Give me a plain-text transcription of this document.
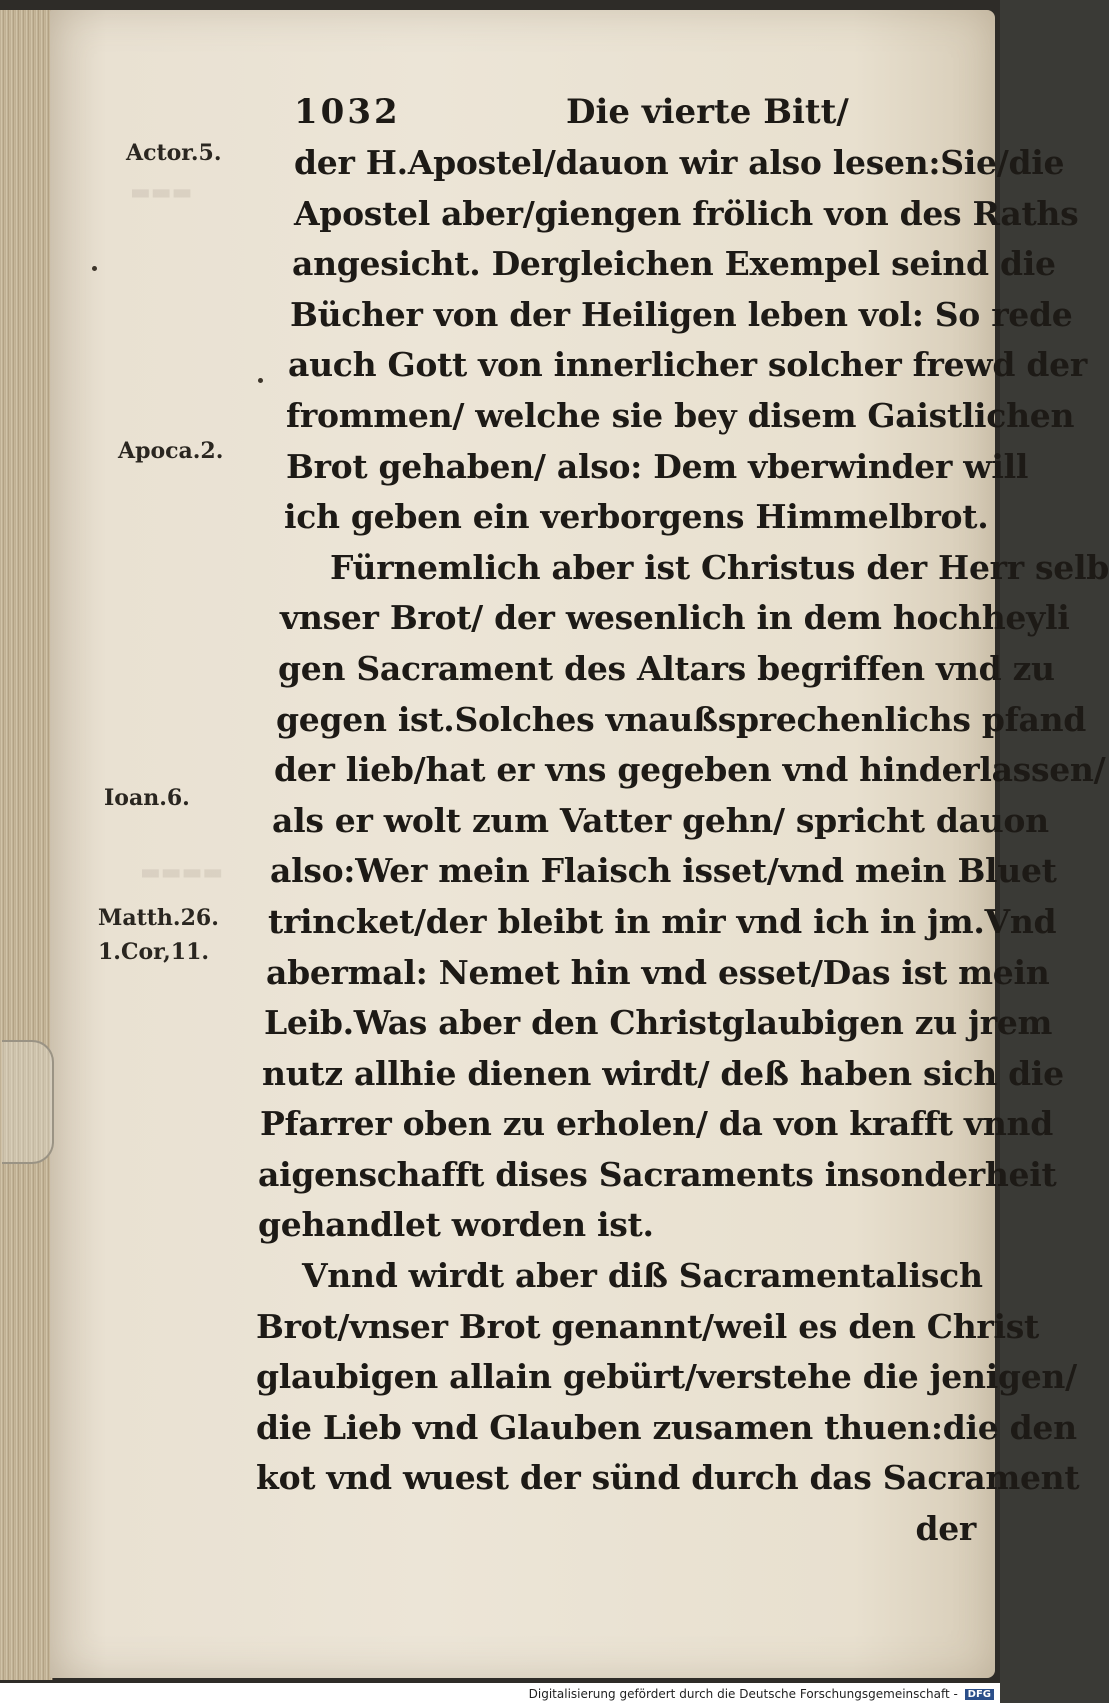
▬▬▬
▬▬▬▬
Actor.5.
Apoca.2.
Ioan.6.
Matth.26.
1.Cor,11.
1032	Die vierte Bitt/
der H.Apostel/dauon wir also lesen:Sie/die
Apostel aber/giengen frölich von des Raths
angesicht. Dergleichen Exempel seind die
Bücher von der Heiligen leben vol: So rede
auch Gott von innerlicher solcher frewd der
frommen/ welche sie bey disem Gaistlichen
Brot gehaben/ also: Dem vberwinder will
ich geben ein verborgens Himmelbrot.
Fürnemlich aber ist Christus der Herr selb
vnser Brot/ der wesenlich in dem hochheyli
gen Sacrament des Altars begriffen vnd zu
gegen ist.Solches vnaußsprechenlichs pfand
der lieb/hat er vns gegeben vnd hinderlassen/
als er wolt zum Vatter gehn/ spricht dauon
also:Wer mein Flaisch isset/vnd mein Bluet
trincket/der bleibt in mir vnd ich in jm.Vnd
abermal: Nemet hin vnd esset/Das ist mein
Leib.Was aber den Christglaubigen zu jrem
nutz allhie dienen wirdt/ deß haben sich die
Pfarrer oben zu erholen/ da von krafft vnnd
aigenschafft dises Sacraments insonderheit
gehandlet worden ist.
Vnnd wirdt aber diß Sacramentalisch
Brot/vnser Brot genannt/weil es den Christ
glaubigen allain gebürt/verstehe die jenigen/
die Lieb vnd Glauben zusamen thuen:die den
kot vnd wuest der sünd durch das Sacrament
der
Digitalisierung gefördert durch die Deutsche Forschungsgemeinschaft - DFG
